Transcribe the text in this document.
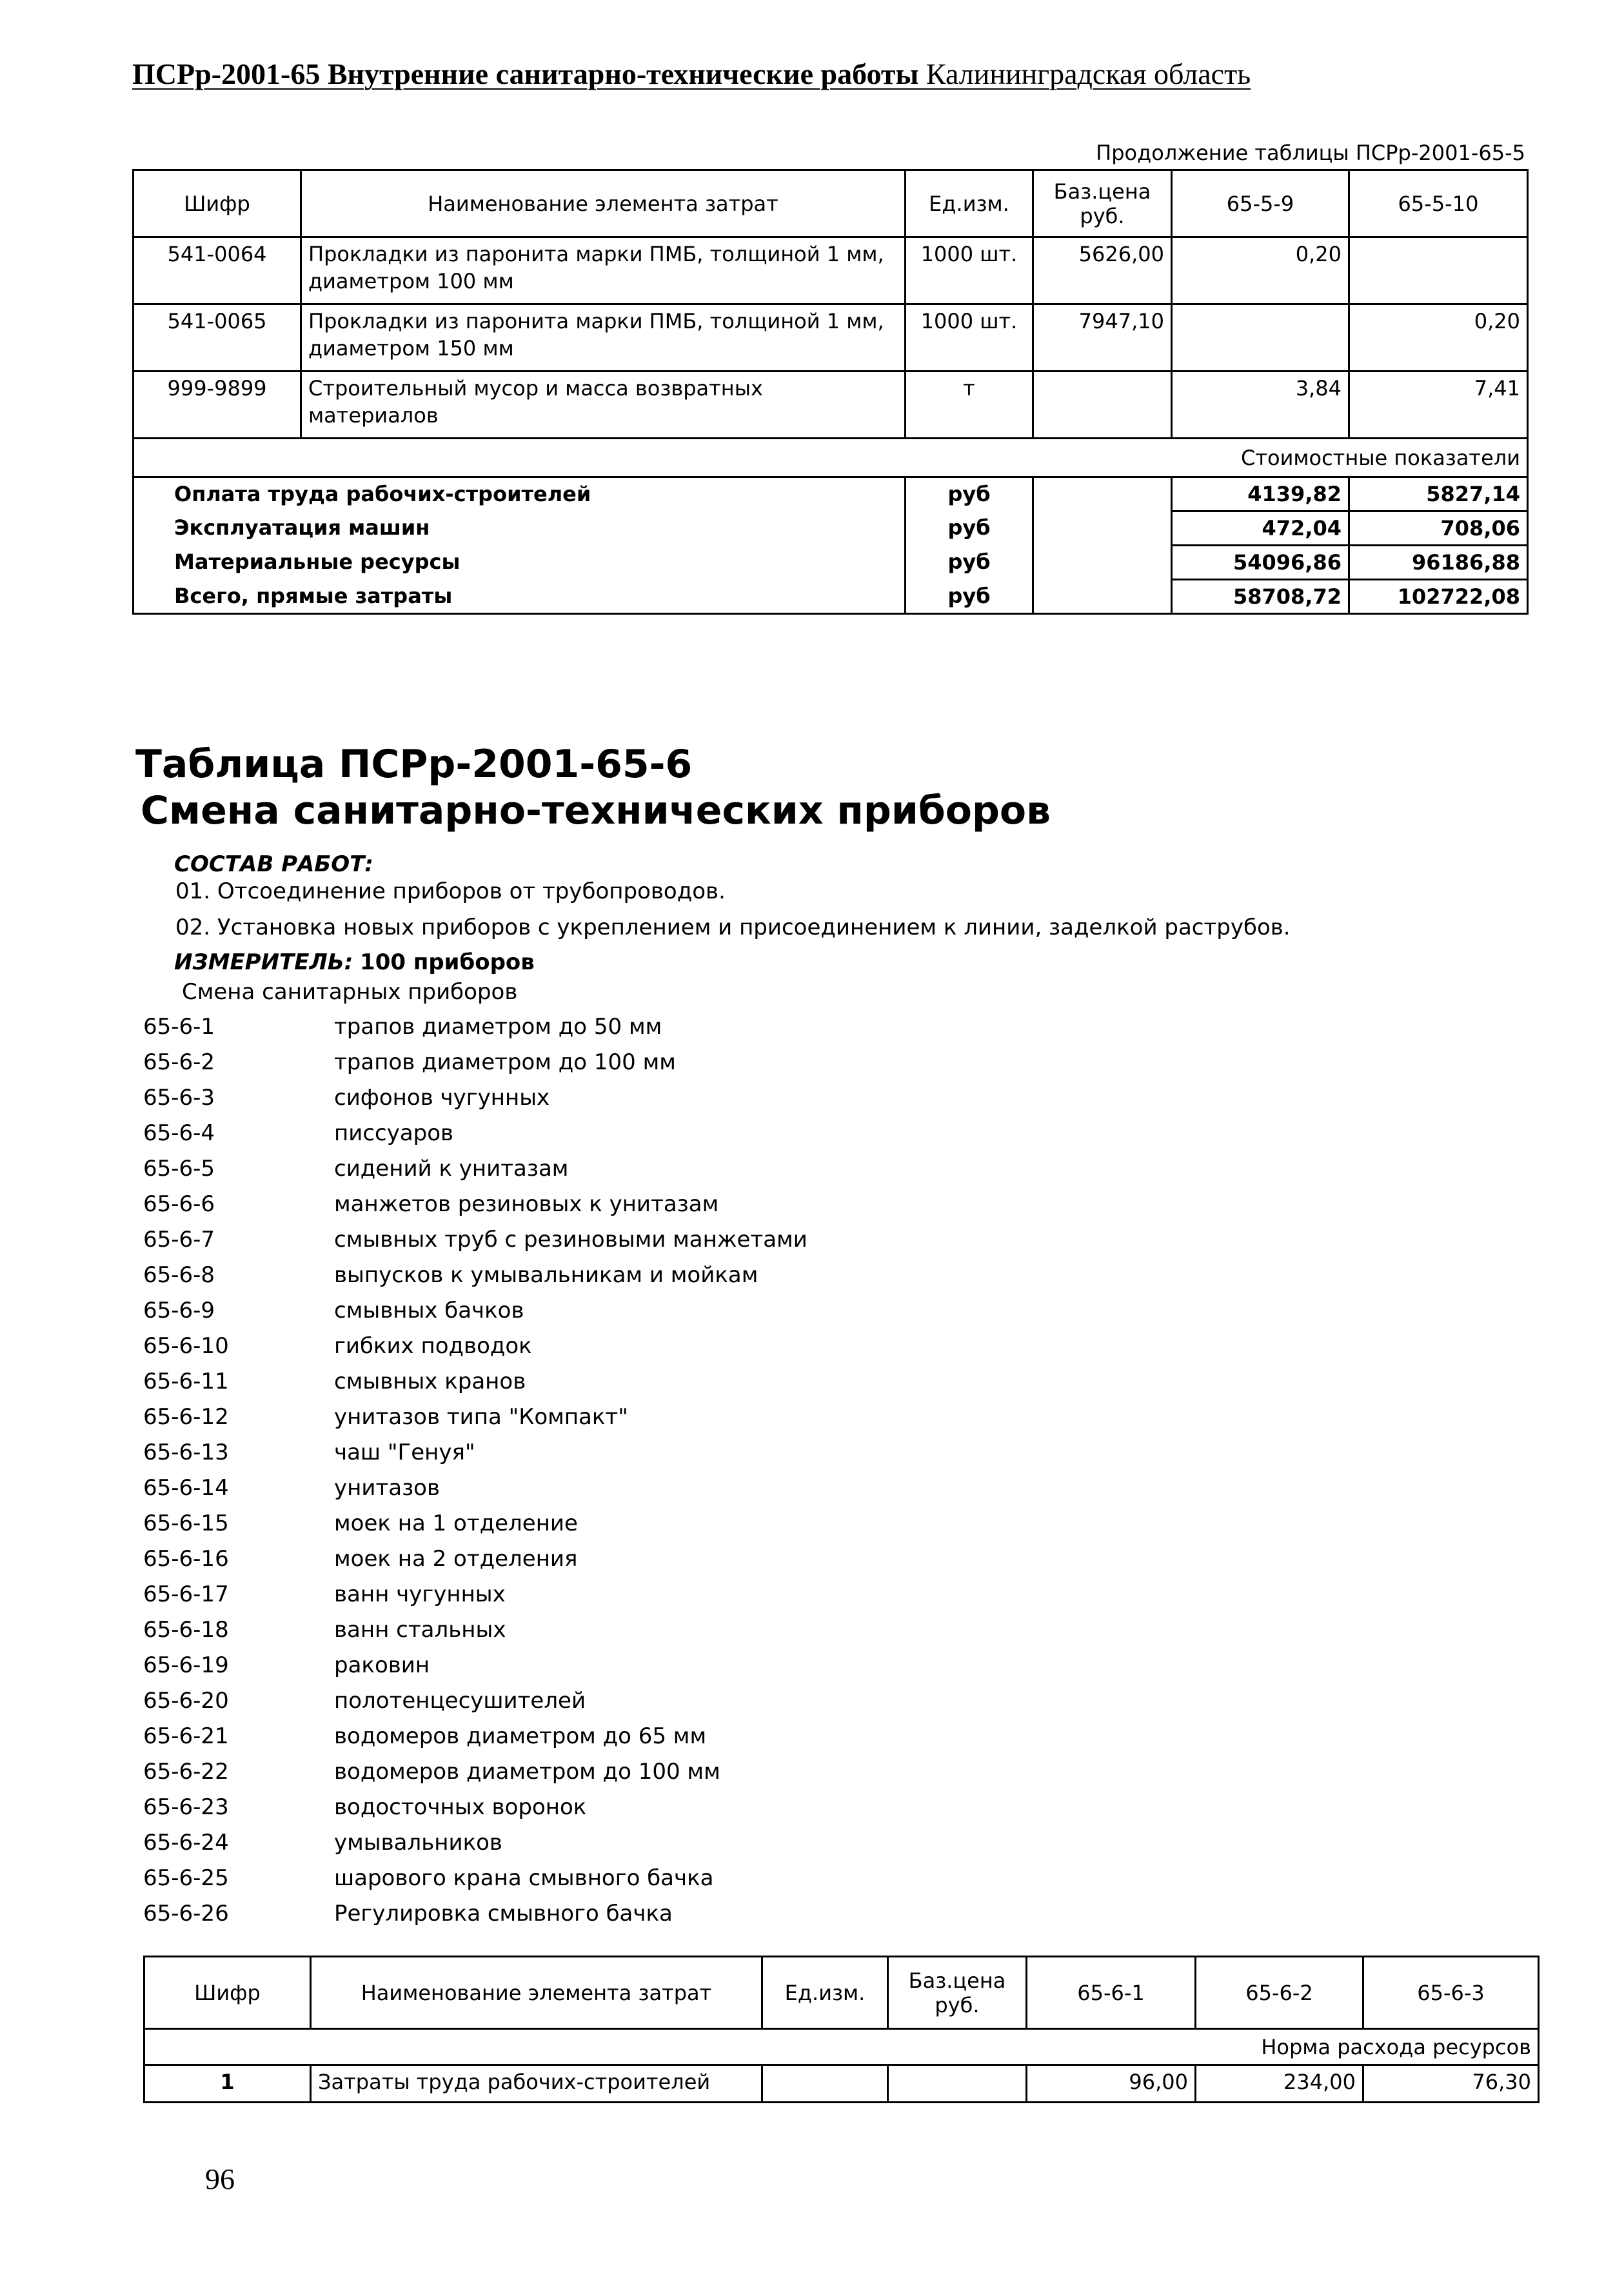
ПСРр-2001-65 Внутренние санитарно-технические работы Калининградская область
Продолжение таблицы ПСРр-2001-65-5
Шифр	Наименование элемента затрат	Ед.изм.	Баз.цена руб.	65-5-9	65-5-10
541-0064	Прокладки из паронита марки ПМБ, толщиной 1 мм, диаметром 100 мм	1000 шт.	5626,00	0,20	
541-0065	Прокладки из паронита марки ПМБ, толщиной 1 мм, диаметром 150 мм	1000 шт.	7947,10		0,20
999-9899	Строительный мусор и масса возвратных материалов	т		3,84	7,41
Стоимостные показатели					
Оплата труда рабочих-строителей		руб		4139,82	5827,14
Эксплуатация машин		руб		472,04	708,06
Материальные ресурсы		руб		54096,86	96186,88
Всего, прямые затраты		руб		58708,72	102722,08
Таблица ПСРр-2001-65-6
Смена санитарно-технических приборов
СОСТАВ РАБОТ:
01. Отсоединение приборов от трубопроводов.
02. Установка новых приборов с укреплением и присоединением к линии, заделкой раструбов.
ИЗМЕРИТЕЛЬ: 100 приборов
Смена санитарных приборов
65-6-1	трапов диаметром до 50 мм
65-6-2	трапов диаметром до 100 мм
65-6-3	сифонов чугунных
65-6-4	писсуаров
65-6-5	сидений к унитазам
65-6-6	манжетов резиновых к унитазам
65-6-7	смывных труб с резиновыми манжетами
65-6-8	выпусков к умывальникам и мойкам
65-6-9	смывных бачков
65-6-10	гибких подводок
65-6-11	смывных кранов
65-6-12	унитазов типа "Компакт"
65-6-13	чаш "Генуя"
65-6-14	унитазов
65-6-15	моек на 1 отделение
65-6-16	моек на 2 отделения
65-6-17	ванн чугунных
65-6-18	ванн стальных
65-6-19	раковин
65-6-20	полотенцесушителей
65-6-21	водомеров диаметром до 65 мм
65-6-22	водомеров диаметром до 100 мм
65-6-23	водосточных воронок
65-6-24	умывальников
65-6-25	шарового крана смывного бачка
65-6-26	Регулировка смывного бачка
Шифр	Наименование элемента затрат	Ед.изм.	Баз.цена руб.	65-6-1	65-6-2	65-6-3
Норма расхода ресурсов						
1	Затраты труда рабочих-строителей			96,00	234,00	76,30
96
